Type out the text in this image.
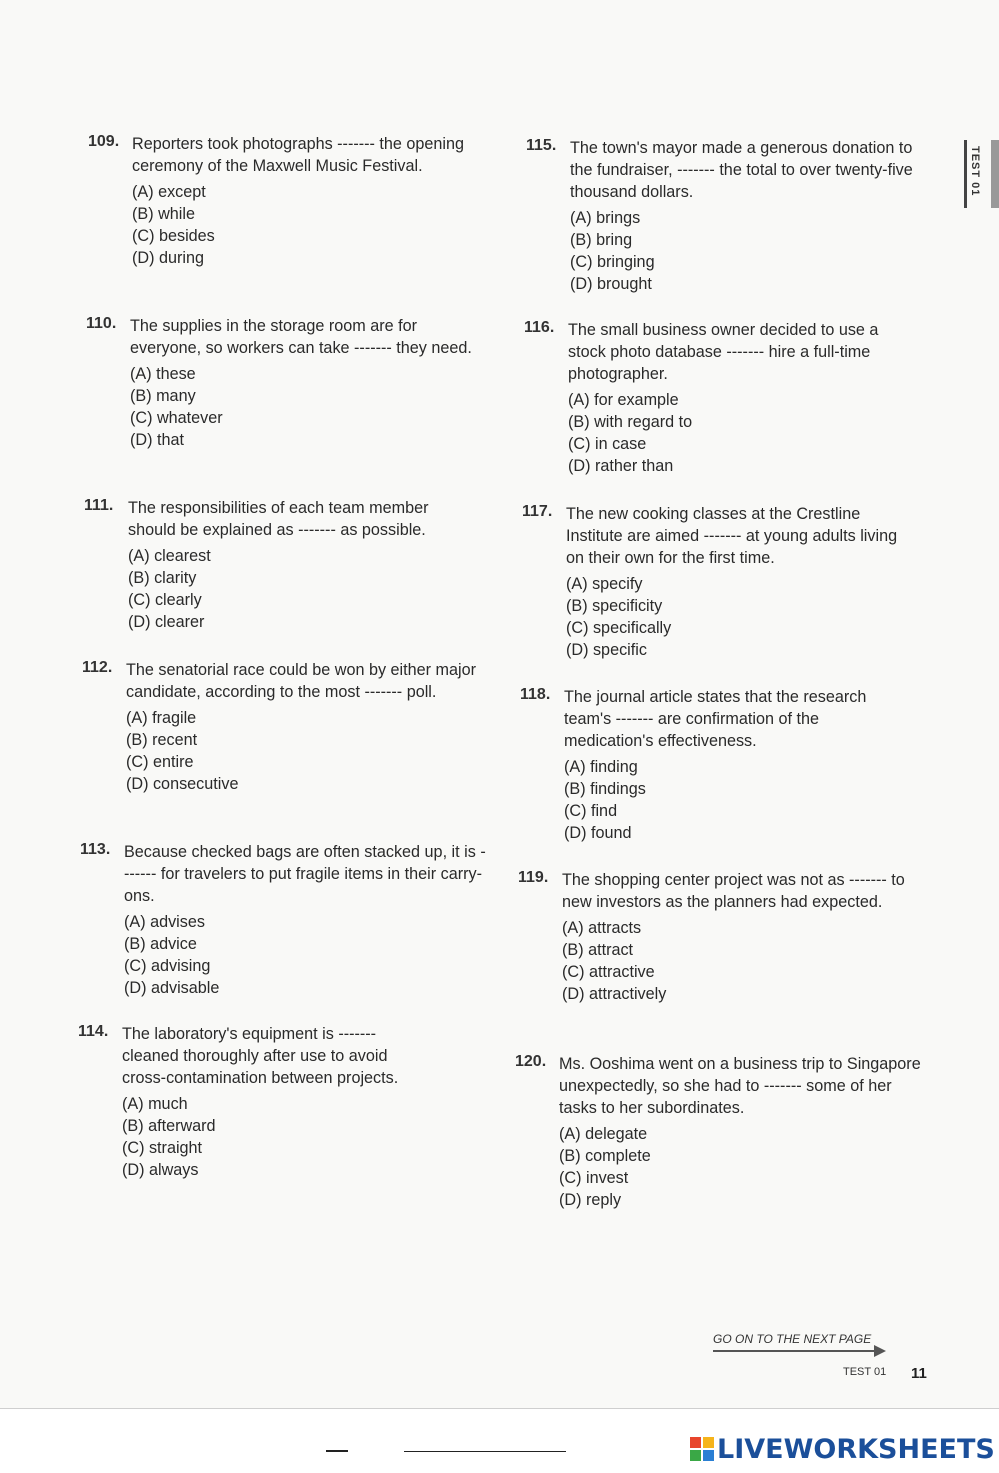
TEST 01
109. Reporters took photographs ------- the opening ceremony of the Maxwell Music Festival.

(A) except
(B) while
(C) besides
(D) during
110. The supplies in the storage room are for everyone, so workers can take ------- they need.

(A) these
(B) many
(C) whatever
(D) that
111. The responsibilities of each team member should be explained as ------- as possible.

(A) clearest
(B) clarity
(C) clearly
(D) clearer
112. The senatorial race could be won by either major candidate, according to the most ------- poll.

(A) fragile
(B) recent
(C) entire
(D) consecutive
113. Because checked bags are often stacked up, it is ------- for travelers to put fragile items in their carry-ons.

(A) advises
(B) advice
(C) advising
(D) advisable
114. The laboratory's equipment is ------- cleaned thoroughly after use to avoid cross-contamination between projects.

(A) much
(B) afterward
(C) straight
(D) always
115. The town's mayor made a generous donation to the fundraiser, ------- the total to over twenty-five thousand dollars.

(A) brings
(B) bring
(C) bringing
(D) brought
116. The small business owner decided to use a stock photo database ------- hire a full-time photographer.

(A) for example
(B) with regard to
(C) in case
(D) rather than
117. The new cooking classes at the Crestline Institute are aimed ------- at young adults living on their own for the first time.

(A) specify
(B) specificity
(C) specifically
(D) specific
118. The journal article states that the research team's ------- are confirmation of the medication's effectiveness.

(A) finding
(B) findings
(C) find
(D) found
119. The shopping center project was not as ------- to new investors as the planners had expected.

(A) attracts
(B) attract
(C) attractive
(D) attractively
120. Ms. Ooshima went on a business trip to Singapore unexpectedly, so she had to ------- some of her tasks to her subordinates.

(A) delegate
(B) complete
(C) invest
(D) reply
GO ON TO THE NEXT PAGE
TEST 01 11
LIVEWORKSHEETS
